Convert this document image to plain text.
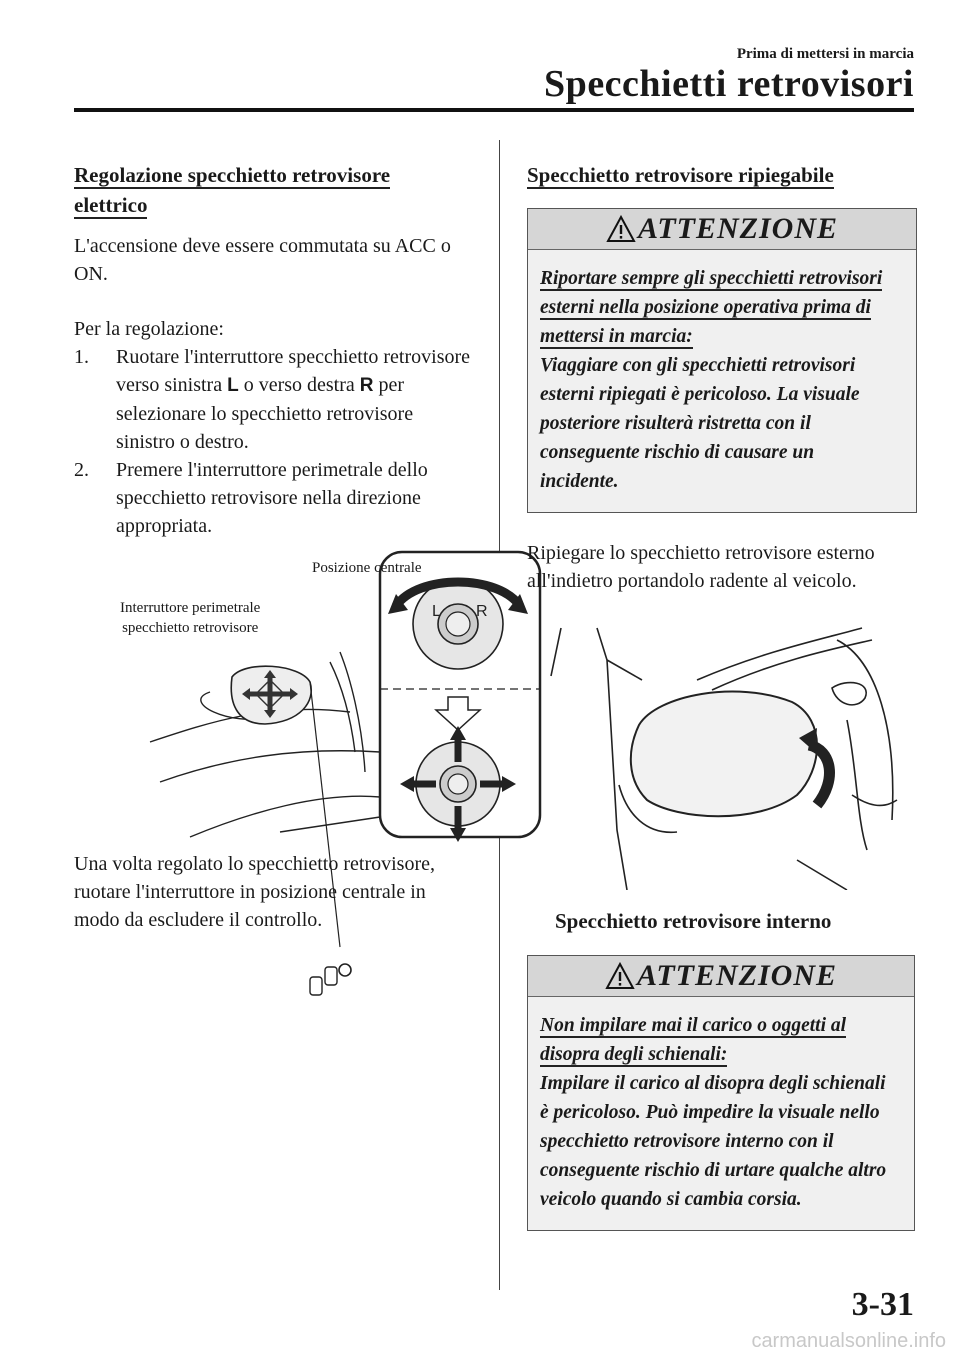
Prima di mettersi in marcia
Specchietti retrovisori

Regolazione specchietto retrovisore
elettrico

L'accensione deve essere commutata su ACC o ON.

Per la regolazione:

1. Ruotare l'interruttore specchietto retrovisore verso sinistra L o verso destra R per selezionare lo specchietto retrovisore sinistro o destro.
2. Premere l'interruttore perimetrale dello specchietto retrovisore nella direzione appropriata.
L R
Posizione centrale
Interruttore perimetrale
specchietto retrovisore

Una volta regolato lo specchietto retrovisore, ruotare l'interruttore in posizione centrale in modo da escludere il controllo.

Specchietto retrovisore ripiegabile

ATTENZIONE

Riportare sempre gli specchietti retrovisori esterni nella posizione operativa prima di mettersi in marcia:

Viaggiare con gli specchietti retrovisori esterni ripiegati è pericoloso. La visuale posteriore risulterà ristretta con il conseguente rischio di causare un incidente.

Ripiegare lo specchietto retrovisore esterno all'indietro portandolo radente al veicolo.

Specchietto retrovisore interno

ATTENZIONE

Non impilare mai il carico o oggetti al disopra degli schienali:

Impilare il carico al disopra degli schienali è pericoloso. Può impedire la visuale nello specchietto retrovisore interno con il conseguente rischio di urtare qualche altro veicolo quando si cambia corsia.

3-31
carmanualsonline.info
